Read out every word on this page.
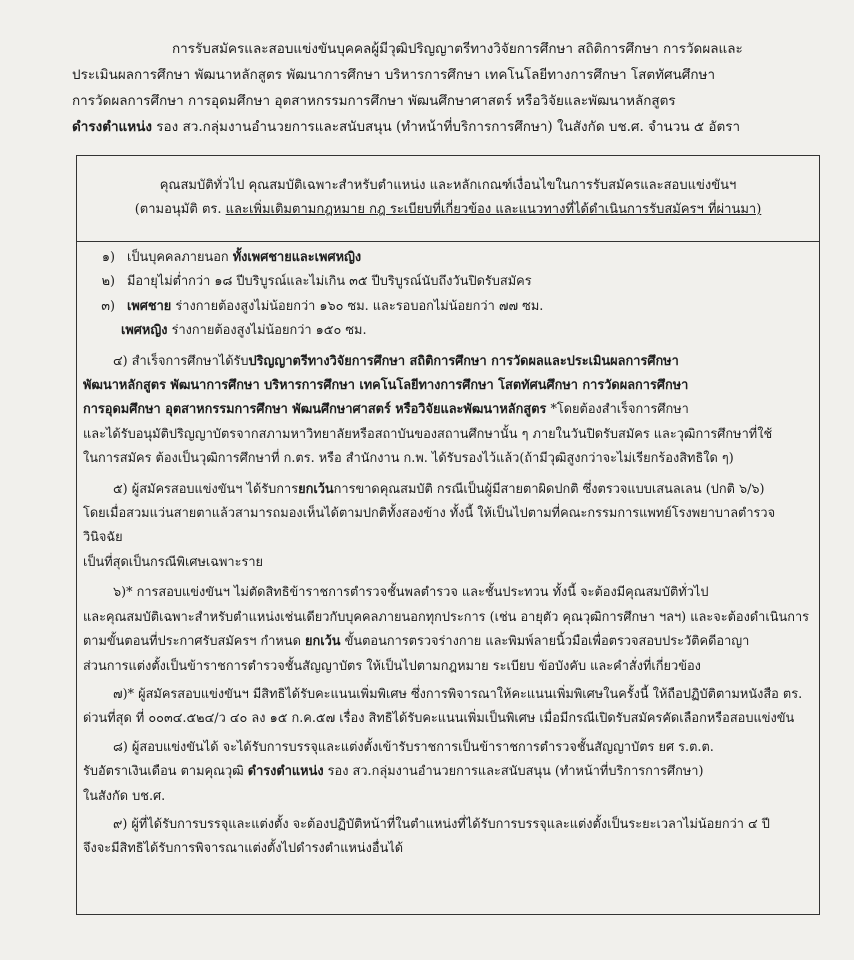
การรับสมัครและสอบแข่งขันบุคคลผู้มีวุฒิปริญญาตรีทางวิจัยการศึกษา สถิติการศึกษา การวัดผลและ

ประเมินผลการศึกษา พัฒนาหลักสูตร พัฒนาการศึกษา บริหารการศึกษา เทคโนโลยีทางการศึกษา โสตทัศนศึกษา

การวัดผลการศึกษา การอุดมศึกษา อุตสาหกรรมการศึกษา พัฒนศึกษาศาสตร์ หรือวิจัยและพัฒนาหลักสูตร

ดำรงตำแหน่ง รอง สว.กลุ่มงานอำนวยการและสนับสนุน (ทำหน้าที่บริการการศึกษา) ในสังกัด บช.ศ. จำนวน ๕ อัตรา

คุณสมบัติทั่วไป คุณสมบัติเฉพาะสำหรับตำแหน่ง และหลักเกณฑ์เงื่อนไขในการรับสมัครและสอบแข่งขันฯ
(ตามอนุมัติ ตร. และเพิ่มเติมตามกฎหมาย กฎ ระเบียบที่เกี่ยวข้อง และแนวทางที่ได้ดำเนินการรับสมัครฯ ที่ผ่านมา)
๑) เป็นบุคคลภายนอก ทั้งเพศชายและเพศหญิง
๒) มีอายุไม่ต่ำกว่า ๑๘ ปีบริบูรณ์และไม่เกิน ๓๕ ปีบริบูรณ์นับถึงวันปิดรับสมัคร
๓) เพศชาย ร่างกายต้องสูงไม่น้อยกว่า ๑๖๐ ซม. และรอบอกไม่น้อยกว่า ๗๗ ซม.
เพศหญิง ร่างกายต้องสูงไม่น้อยกว่า ๑๕๐ ซม.
๔) สำเร็จการศึกษาได้รับปริญญาตรีทางวิจัยการศึกษา สถิติการศึกษา การวัดผลและประเมินผลการศึกษา
พัฒนาหลักสูตร พัฒนาการศึกษา บริหารการศึกษา เทคโนโลยีทางการศึกษา โสตทัศนศึกษา การวัดผลการศึกษา
การอุดมศึกษา อุตสาหกรรมการศึกษา พัฒนศึกษาศาสตร์ หรือวิจัยและพัฒนาหลักสูตร *โดยต้องสำเร็จการศึกษา
และได้รับอนุมัติปริญญาบัตรจากสภามหาวิทยาลัยหรือสถาบันของสถานศึกษานั้น ๆ ภายในวันปิดรับสมัคร และวุฒิการศึกษาที่ใช้
ในการสมัคร ต้องเป็นวุฒิการศึกษาที่ ก.ตร. หรือ สำนักงาน ก.พ. ได้รับรองไว้แล้ว(ถ้ามีวุฒิสูงกว่าจะไม่เรียกร้องสิทธิใด ๆ)
๕) ผู้สมัครสอบแข่งขันฯ ได้รับการยกเว้นการขาดคุณสมบัติ กรณีเป็นผู้มีสายตาผิดปกติ ซึ่งตรวจแบบเสนลเลน (ปกติ ๖/๖)
โดยเมื่อสวมแว่นสายตาแล้วสามารถมองเห็นได้ตามปกติทั้งสองข้าง ทั้งนี้ ให้เป็นไปตามที่คณะกรรมการแพทย์โรงพยาบาลตำรวจวินิจฉัย
เป็นที่สุดเป็นกรณีพิเศษเฉพาะราย
๖)* การสอบแข่งขันฯ ไม่ตัดสิทธิข้าราชการตำรวจชั้นพลตำรวจ และชั้นประทวน ทั้งนี้ จะต้องมีคุณสมบัติทั่วไป
และคุณสมบัติเฉพาะสำหรับตำแหน่งเช่นเดียวกับบุคคลภายนอกทุกประการ (เช่น อายุตัว คุณวุฒิการศึกษา ฯลฯ) และจะต้องดำเนินการ
ตามขั้นตอนที่ประกาศรับสมัครฯ กำหนด ยกเว้น ขั้นตอนการตรวจร่างกาย และพิมพ์ลายนิ้วมือเพื่อตรวจสอบประวัติคดีอาญา
ส่วนการแต่งตั้งเป็นข้าราชการตำรวจชั้นสัญญาบัตร ให้เป็นไปตามกฎหมาย ระเบียบ ข้อบังคับ และคำสั่งที่เกี่ยวข้อง
๗)* ผู้สมัครสอบแข่งขันฯ มีสิทธิได้รับคะแนนเพิ่มพิเศษ ซึ่งการพิจารณาให้คะแนนเพิ่มพิเศษในครั้งนี้ ให้ถือปฏิบัติตามหนังสือ ตร.
ด่วนที่สุด ที่ ๐๐๓๔.๕๒๔/ว ๔๐ ลง ๑๕ ก.ค.๕๗ เรื่อง สิทธิได้รับคะแนนเพิ่มเป็นพิเศษ เมื่อมีกรณีเปิดรับสมัครคัดเลือกหรือสอบแข่งขัน
๘) ผู้สอบแข่งขันได้ จะได้รับการบรรจุและแต่งตั้งเข้ารับราชการเป็นข้าราชการตำรวจชั้นสัญญาบัตร ยศ ร.ต.ต.
รับอัตราเงินเดือน ตามคุณวุฒิ ดำรงตำแหน่ง รอง สว.กลุ่มงานอำนวยการและสนับสนุน (ทำหน้าที่บริการการศึกษา)
ในสังกัด บช.ศ.
๙) ผู้ที่ได้รับการบรรจุและแต่งตั้ง จะต้องปฏิบัติหน้าที่ในตำแหน่งที่ได้รับการบรรจุและแต่งตั้งเป็นระยะเวลาไม่น้อยกว่า ๔ ปี
จึงจะมีสิทธิได้รับการพิจารณาแต่งตั้งไปดำรงตำแหน่งอื่นได้
